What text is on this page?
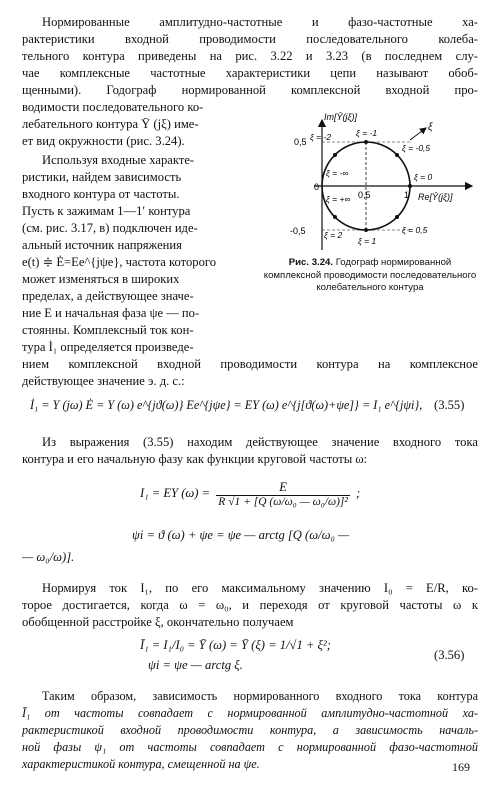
Нормированные амплитудно-частотные и фазо-частотные ха-
рактеристики входной проводимости последовательного колеба-
тельного контура приведены на рис. 3.22 и 3.23 (в последнем слу-
чае комплексные частотные характеристики цепи называют обоб-
щенными). Годограф нормированной комплексной входной про-
водимости последовательного ко-
лебательного контура Ȳ (jξ) име-
ет вид окружности (рис. 3.24).
Используя входные характе-
ристики, найдем зависимость
входного контура от частоты.
Пусть к зажимам 1—1′ контура
(см. рис. 3.17, в) подключен иде-
альный источник напряжения
e(t) ≑ Ė=Ee^{jψe}, частота которого
может изменяться в широких
пределах, а действующее значе-
ние E и начальная фаза ψe — по-
стоянны. Комплексный ток кон-
тура İ₁ определяется произведе-
нием комплексной входной проводимости контура на комплексное
действующее значение э. д. с.:
Im[Ȳ(jξ)]
Re[Ȳ(jξ)]
0
0,5	1
0,5
-0,5
ξ = -2	ξ = -1
ξ = -0,5
ξ = 0
ξ = 0,5
ξ = 1
ξ = 2
ξ = -∞
ξ = +∞
ξ
Рис. 3.24. Годограф нормированной комплексной проводимости последовательного колебательного контура
İ₁ = Y (jω) Ė = Y (ω) e^{jϑ(ω)} Ee^{jψe} = EY (ω) e^{j[ϑ(ω)+ψe]} = I₁ e^{jψi}, (3.55)
Из выражения (3.55) находим действующее значение входного тока
контура и его начальную фазу как функции круговой частоты ω:
I₁ = EY $(\omega) = \frac{E}{\text{R √1 + [Q (ω/ω₀ — ω₀/ω)]²}}$ ;
ψi = ϑ (ω) + ψe = ψe — arctg [Q (ω/ω₀ —
— ω₀/ω)].
Нормируя ток I₁, по его максимальному значению I₀ = E/R, ко-
торое достигается, когда ω = ω₀, и переходя от круговой частоты ω к
обобщенной расстройке ξ, окончательно получаем
Ī₁ = I₁/I₀ = Ȳ (ω) = Ȳ (ξ) = 1/√1 + ξ²;
ψi = ψe — arctg ξ.
(3.56)
Таким образом, зависимость нормированного входного тока контура
Ī₁ от частоты совпадает с нормированной амплитудно-частотной ха-
рактеристикой входной проводимости контура, а зависимость началь-
ной фазы ψ₁ от частоты совпадает с нормированной фазо-частотной
характеристикой контура, смещенной на ψe.	169
